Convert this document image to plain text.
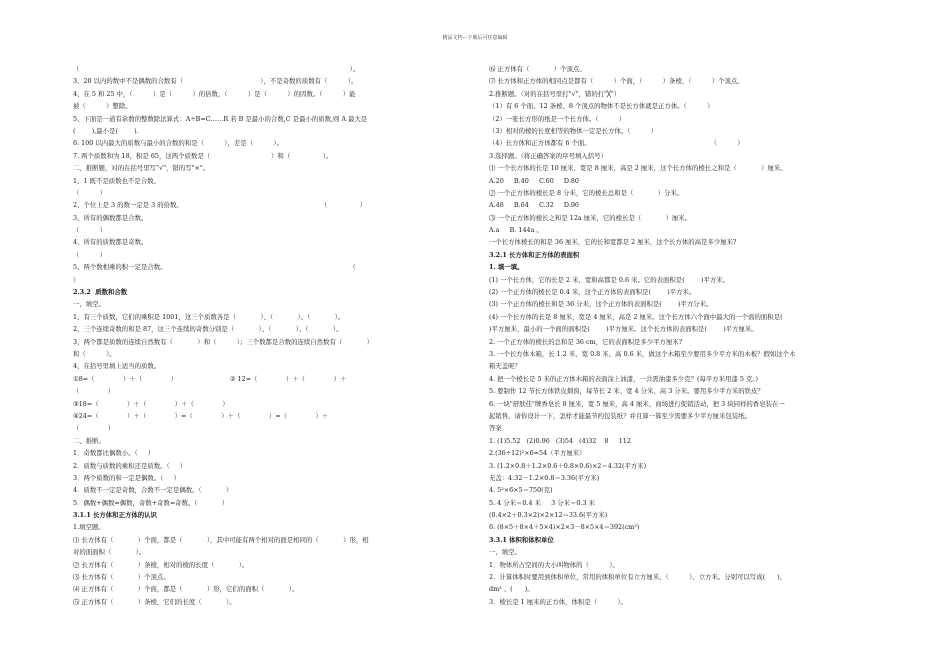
精品文档---下载后可任意编辑
（                                                                                                                                     ）。
3、20 以内的数中不是偶数的合数有（                                      ），不是奇数的质数有（          ）。
4、在 5 和 25 中，（          ）是（          ）的倍数，（          ）是（          ）的因数。（          ）能
被（          ）整除。
5、下面是一道有余数的整数除法算式：A÷B=C……R 若 B 是最小的合数,C 是最小的质数,则 A 最大是
(        ),最小是(        ).
6. 100 以内最大的质数与最小的合数的和是（          ），差是（          ）。
7. 两个质数和为 18，积是 65，这两个质数是（                              ）和（                ）。
二、推断题，对的在括号里写"√"，错的写"×"。
1、1 既不是质数也不是合数。
（          ）
2、个位上是 3 的数一定是 3 的倍数。                                                                    （                ）
3、所有的偶数都是合数。
（          ）
4、所有的质数都是奇数。
（          ）
5、两个数相乘的积一定是合数。                                                                                          （
）
2.3.2  质数和合数
一、填空。
1、有三个质数，它们的乘积是 1001，这三个质数各是（            ）、（            ）、（            ）。
2、三个连续奇数的和是 87，这三个连续的奇数分别是（            ）、（            ）、（            ）。
3、两个都是质数的连续自然数有（            ）和（          ）；三个数都是合数的连续自然数有（            ）
和（          ）。
4、在括号里填上适当的质数。
①8=（              ）＋（              ）                          ② 12=（              ）＋（              ）＋
（              ）
③18=（              ）＋（              ）＋（              ）
④24=（              ）＋（              ）=（              ）＋（              ）=（              ）＋
（              ）
二、推断。
1．奇数都比偶数小。（     ）
2．质数与质数的乘积还是质数。（     ）
3．两个质数的和一定是偶数。（     ）
4．质数不一定是奇数，合数不一定是偶数。（            ）
5．偶数+偶数=偶数，奇数+奇数=奇数。（            ）
3.1.1 长方体和正方体的认识
1.填空题。
⑴ 长方体有（            ）个面，都是（            ），其中可能有两个相对的面是相同的（            ）形，相
对的面面积（            ）。
⑵ 长方体有（            ）条棱，相对的棱的长度（            ）。
⑶ 长方体有（            ）个顶点。
⑷ 正方体有（            ）个面，都是（            ）形，它们的面积（            ）。
⑸ 正方体有（            ）条棱，它们的长度（            ）。
⑹ 正方体有（            ）个顶点。
⑺ 长方体和正方体的相同点是都有（          ）个面，（          ）条棱，（          ）个顶点。
2.推断题。（对的在括号里打"√"，错的打"╳"）
（1）有 6 个面、12 条棱、8 个顶点的物体不是长方体就是正方体。（          ）
（2）一张长方形的纸是一个长方体。（          ）
（3）相对的棱的长度相等的物体一定是长方体。（          ）
（4）长方体和正方体都有 6 个面。                                                           （          ）
3.选择题。（将正确答案的序号填入括号）
⑴ 一个长方体的长是 10 厘米，宽是 8 厘米，高是 2 厘米，这个长方体的棱长之和是（            ）厘米。
A.20     B.40     C.60     D.80
⑵ 一个正方体的棱长是 8 分米，它的棱长总和是（            ）分米。
A.48     B.64     C.32     D.96
⑶ 一个正方体的棱长之和是 12a 厘米，它的棱长是（            ）厘米。
A.a     B. 144a 。
一个长方体棱长的和是 36 厘米，它的长和宽都是 2 厘米，这个长方体的高是多少厘米?
3.2.1 长方体和正方体的表面积
1. 填一填。
(1) 一个长方体，它的长是 2 米，宽和高都是 0.6 米。它的表面积是(        )平方米。
(2) 一个正方体的棱长是 0.4 米，这个正方体的表面积是(        )平方米。
(3) 一个正方体的棱长和是 36 分米，这个正方体的表面积是(        )平方分米。
(4) 一个长方体的长是 8 厘米，宽是 4 厘米，高是 2 厘米。这个长方体六个面中最大的一个面的面积是(
)平方厘米，最小的一个面的面积是(        )平方厘米。这个长方体的表面积是(        )平方厘米。
2. 一个正方体的棱长的总和是 36 cm，它的表面积是多少平方厘米?
3. 一个长方体木箱，长 1.2 米、宽 0.8 米、高 0.6 米，做这个木箱至少要用多少平方米的木板？假如这个木
箱无盖呢？
4. 把一个棱长是 5 米的正方体木箱的表面涂上油漆，一共需油漆多少克？(每平方米用漆 5 克。)
5. 要制作 12 节长方体铁皮烟囱，每节长 2 米、宽 4 分米、高 3 分米。要用多少平方米的铁皮？
6. 一块"舒肤佳"牌香皂长 8 厘米，宽 5 厘米，高 4 厘米，商场进行促销活动，把 3 块同样的香皂装在一
起销售。请你设计一下，怎样才能最节约包装纸？并且算一算至少需要多少平方厘米包装纸。
答案
1. (1)5.52   (2)0.96   (3)54   (4)32    8     112
2.(36÷12)²×6=54（平方厘米）
3. (1.2×0.8＋1.2×0.6＋0.8×0.6)×2＝4.32(平方米)
无盖：4.32－1.2×0.8＝3.36(平方米)
4. 5²×6×5＝750(克)
5. 4 分米＝0.4 米     3 分米＝0.3 米
(0.4×2＋0.3×2)×2×12＝33.6(平方米)
6. (8×5＋8×4＋5×4)×2×3－8×5×4＝392(cm²)
3.3.1 体积和体积单位
一、填空。
1．物体所占空间的大小叫物体的（          ）。
2．计算体积时要用到体积单位，常用的体积单位有立方厘米、（          ）、立方米。分别可以写成(      )、
dm³ 、(      )。
3．棱长是 1 厘米的正方体，体积是（          ）。
